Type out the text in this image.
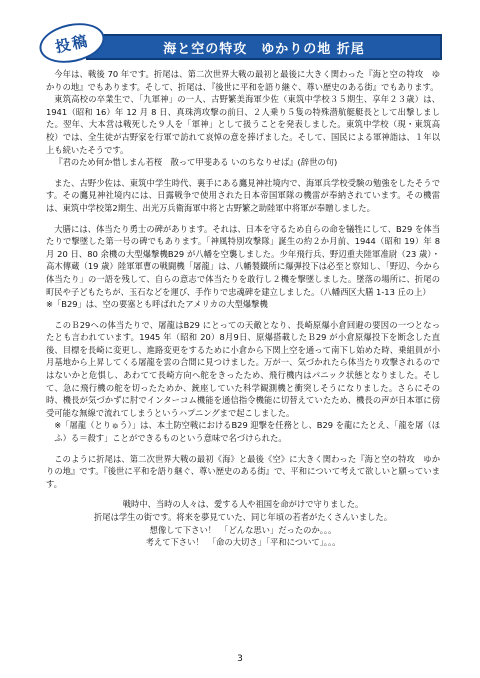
投稿	海と空の特攻　ゆかりの地 折尾

今年は、戦後 70 年です。折尾は、第二次世界大戦の最初と最後に大きく関わった『海と空の特攻　ゆかりの地』でもあります。そして、折尾は、『後世に平和を語り継ぐ、尊い歴史のある街』でもあります。

東筑高校の卒業生で、「九軍神」の一人、古野繁美海軍少佐（東筑中学校３５期生、享年２３歳）は、1941（昭和 16）年 12 月 8 日、真珠湾攻撃の前日、２人乗り５隻の特殊潜航艇艇長として出撃しました。翌年、大本営は戦死した９人を「軍神」として扱うことを発表しました。東筑中学校（現・東筑高校）では、全生徒が古野家を行軍で訪れて哀悼の意を捧げました。そして、国民による軍神詣は、１年以上も続いたそうです。

『君のため何か惜しまん若桜　散って甲斐ある いのちなりせば』(辞世の句)

また、古野少佐は、東筑中学生時代、裏手にある鷹見神社境内で、海軍兵学校受験の勉強をしたそうです。その鷹見神社境内には、日露戦争で使用された日本帝国軍隊の機雷が奉納されています。その機雷は、東筑中学校第2期生、出光万兵衛海軍中将と古野繁之助陸軍中将軍が奉贈しました。

大膳には、体当たり勇士の碑があります。それは、日本を守るため自らの命を犠牲にして、B29 を体当たりで撃墜した第一号の碑でもあります。「神風特別攻撃隊」誕生の約２か月前、1944（昭和 19）年 8 月 20 日、80 余機の大型爆撃機B29 が八幡を空襲しました。少年飛行兵、野辺重夫陸軍准尉（23 歳）・高木傳蔵（19 歳）陸軍軍曹の戦闘機「屠龍」は、八幡製鐵所に爆弾投下は必至と察知し、「野辺、今から体当たり」の一語を残して、自らの意志で体当たりを敢行し２機を撃墜しました。墜落の場所に、折尾の町民や子どもたちが、玉石などを運び、手作りで忠魂碑を建立しました。（八幡西区大膳 1-13 丘の上）

※「B29」は、空の要塞とも呼ばれたアメリカの大型爆撃機

このＢ29への体当たりで、屠龍はB29 にとっての天敵となり、長崎原爆小倉回避の要因の一つとなったとも言われています。1945 年（昭和 20）8月9日、原爆搭載したＢ29 が小倉原爆投下を断念した直後、目標を長崎に変更し、進路変更をするために小倉から下関上空を通って南下し始めた時、乗組員が小月基地から上昇してくる屠龍を雲の合間に見つけました。万が一、気づかれたら体当たり攻撃されるのではないかと危惧し、あわてて長崎方向へ舵をきったため、飛行機内はパニック状態となりました。そして、急に飛行機の舵を切ったためか、銃座していた科学観測機と衝突しそうになりました。さらにその時、機長が気づかずに肘でインターコム機能を通信指令機能に切替えていたため、機長の声が日本軍に傍受可能な無線で流れてしまうというハプニングまで起こしました。

※「屠龍（とりゅう）」は、本土防空戦におけるB29 迎撃を任務とし、B29 を龍にたとえ、「龍を屠（ほふ）る＝殺す」ことができるものという意味で名づけられた。

このように折尾は、第二次世界大戦の最初《海》と最後《空》に大きく関わった『海と空の特攻　ゆかりの地』です。『後世に平和を語り継ぐ、尊い歴史のある街』で、平和について考えて欲しいと願っています。

戦時中、当時の人々は、愛する人や祖国を命がけで守りました。

折尾は学生の街です。将来を夢見ていた、同じ年頃の若者がたくさんいました。

想像して下さい！　「どんな思い」だったのか。。。

考えて下さい！　「命の大切さ」「平和について」。。。

3
